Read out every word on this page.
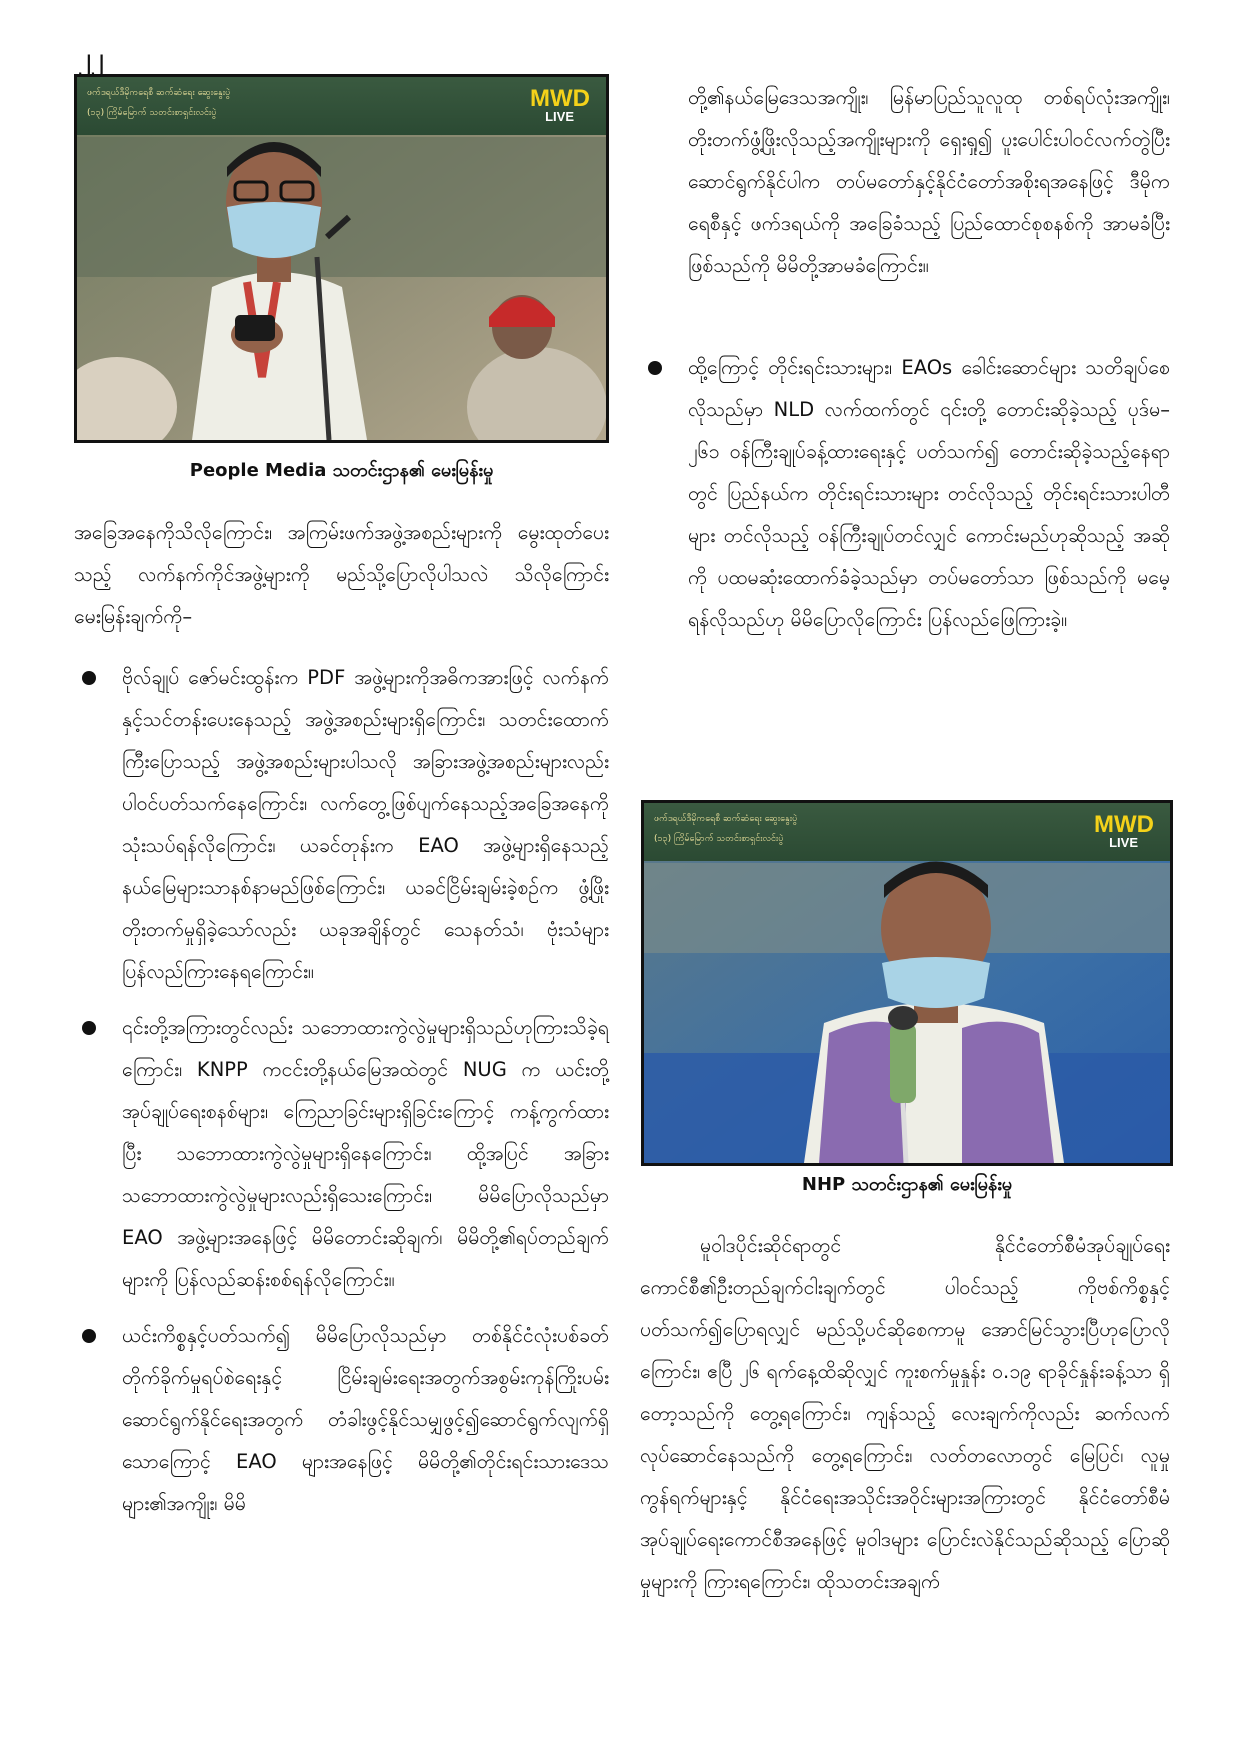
၂၂
ဖက်ဒရယ်ဒီမိုကရေစီ ဆက်ဆံရေး ဆွေးနွေးပွဲ
(၁၃) ကြိမ်မြောက် သတင်းစာရှင်းလင်းပွဲ
MWD
LIVE
People Media သတင်းဌာန၏ မေးမြန်းမှု

အခြေအနေကိုသိလိုကြောင်း၊ အကြမ်းဖက်အဖွဲ့အစည်းများကို မွေးထုတ်ပေးသည့် လက်နက်ကိုင်အဖွဲ့များကို မည်သို့ပြောလိုပါသလဲ သိလိုကြောင်း မေးမြန်းချက်ကို–

ဗိုလ်ချုပ် ဇော်မင်းထွန်းက PDF အဖွဲ့များကိုအဓိကအားဖြင့် လက်နက်နှင့်သင်တန်းပေးနေသည့် အဖွဲ့အစည်းများရှိကြောင်း၊ သတင်းထောက်ကြီးပြောသည့် အဖွဲ့အစည်းများပါသလို အခြားအဖွဲ့အစည်းများလည်းပါဝင်ပတ်သက်နေကြောင်း၊ လက်တွေ့ဖြစ်ပျက်နေသည့်အခြေအနေကို သုံးသပ်ရန်လိုကြောင်း၊ ယခင်တုန်းက EAO အဖွဲ့များရှိနေသည့် နယ်မြေများသာနစ်နာမည်ဖြစ်ကြောင်း၊ ယခင်ငြိမ်းချမ်းခဲ့စဉ်က ဖွံ့ဖြိုးတိုးတက်မှုရှိခဲ့သော်လည်း ယခုအချိန်တွင် သေနတ်သံ၊ ဗုံးသံများပြန်လည်ကြားနေရကြောင်း။
၎င်းတို့အကြားတွင်လည်း သဘောထားကွဲလွဲမှုများရှိသည်ဟုကြားသိခဲ့ရကြောင်း၊ KNPP ကငင်းတို့နယ်မြေအထဲတွင် NUG က ယင်းတို့အုပ်ချုပ်ရေးစနစ်များ၊ ကြေညာခြင်းများရှိခြင်းကြောင့် ကန့်ကွက်ထားပြီး သဘောထားကွဲလွဲမှုများရှိနေကြောင်း၊ ထို့အပြင် အခြားသဘောထားကွဲလွဲမှုများလည်းရှိသေးကြောင်း၊ မိမိပြောလိုသည်မှာ EAO အဖွဲ့များအနေဖြင့် မိမိတောင်းဆိုချက်၊ မိမိတို့၏ရပ်တည်ချက်များကို ပြန်လည်ဆန်းစစ်ရန်လိုကြောင်း။
ယင်းကိစ္စနှင့်ပတ်သက်၍ မိမိပြောလိုသည်မှာ တစ်နိုင်ငံလုံးပစ်ခတ်တိုက်ခိုက်မှုရပ်စဲရေးနှင့် ငြိမ်းချမ်းရေးအတွက်အစွမ်းကုန်ကြိုးပမ်းဆောင်ရွက်နိုင်ရေးအတွက် တံခါးဖွင့်နိုင်သမျှဖွင့်၍ဆောင်ရွက်လျက်ရှိသောကြောင့် EAO များအနေဖြင့် မိမိတို့၏တိုင်းရင်းသားဒေသများ၏အကျိုး၊ မိမိ

တို့၏နယ်မြေဒေသအကျိုး၊ မြန်မာပြည်သူလူထု တစ်ရပ်လုံးအကျိုး၊ တိုးတက်ဖွံ့ဖြိုးလိုသည့်အကျိုးများကို ရှေးရှု၍ ပူးပေါင်းပါဝင်လက်တွဲပြီး ဆောင်ရွက်နိုင်ပါက တပ်မတော်နှင့်နိုင်ငံတော်အစိုးရအနေဖြင့် ဒီမိုကရေစီနှင့် ဖက်ဒရယ်ကို အခြေခံသည့် ပြည်ထောင်စုစနစ်ကို အာမခံပြီးဖြစ်သည်ကို မိမိတို့အာမခံကြောင်း။

ထို့ကြောင့် တိုင်းရင်းသားများ၊ EAOs ခေါင်းဆောင်များ သတိချပ်စေလိုသည်မှာ NLD လက်ထက်တွင် ၎င်းတို့ တောင်းဆိုခဲ့သည့် ပုဒ်မ–၂၆၁ ဝန်ကြီးချုပ်ခန့်ထားရေးနှင့် ပတ်သက်၍ တောင်းဆိုခဲ့သည့်နေရာတွင် ပြည်နယ်က တိုင်းရင်းသားများ တင်လိုသည့် တိုင်းရင်းသားပါတီများ တင်လိုသည့် ဝန်ကြီးချုပ်တင်လျှင် ကောင်းမည်ဟုဆိုသည့် အဆိုကို ပထမဆုံးထောက်ခံခဲ့သည်မှာ တပ်မတော်သာ ဖြစ်သည်ကို မမေ့ရန်လိုသည်ဟု မိမိပြောလိုကြောင်း ပြန်လည်ဖြေကြားခဲ့။
ဖက်ဒရယ်ဒီမိုကရေစီ ဆက်ဆံရေး ဆွေးနွေးပွဲ
(၁၃) ကြိမ်မြောက် သတင်းစာရှင်းလင်းပွဲ
MWD
LIVE
NHP သတင်းဌာန၏ မေးမြန်းမှု

မူဝါဒပိုင်းဆိုင်ရာတွင် နိုင်ငံတော်စီမံအုပ်ချုပ်ရေးကောင်စီ၏ဦးတည်ချက်ငါးချက်တွင် ပါဝင်သည့် ကိုဗစ်ကိစ္စနှင့်ပတ်သက်၍ပြောရလျှင် မည်သို့ပင်ဆိုစေကာမူ အောင်မြင်သွားပြီဟုပြောလိုကြောင်း၊ ဧပြီ ၂၆ ရက်နေ့ထိဆိုလျှင် ကူးစက်မှုနှုန်း ၀.၁၉ ရာခိုင်နှုန်းခန့်သာ ရှိတော့သည်ကို တွေ့ရကြောင်း၊ ကျန်သည့် လေးချက်ကိုလည်း ဆက်လက်လုပ်ဆောင်နေသည်ကို တွေ့ရကြောင်း၊ လတ်တလောတွင် မြေပြင်၊ လူမှုကွန်ရက်များနှင့် နိုင်ငံရေးအသိုင်းအဝိုင်းများအကြားတွင် နိုင်ငံတော်စီမံအုပ်ချုပ်ရေးကောင်စီအနေဖြင့် မူဝါဒများ ပြောင်းလဲနိုင်သည်ဆိုသည့် ပြောဆိုမှုများကို ကြားရကြောင်း၊ ထိုသတင်းအချက်
